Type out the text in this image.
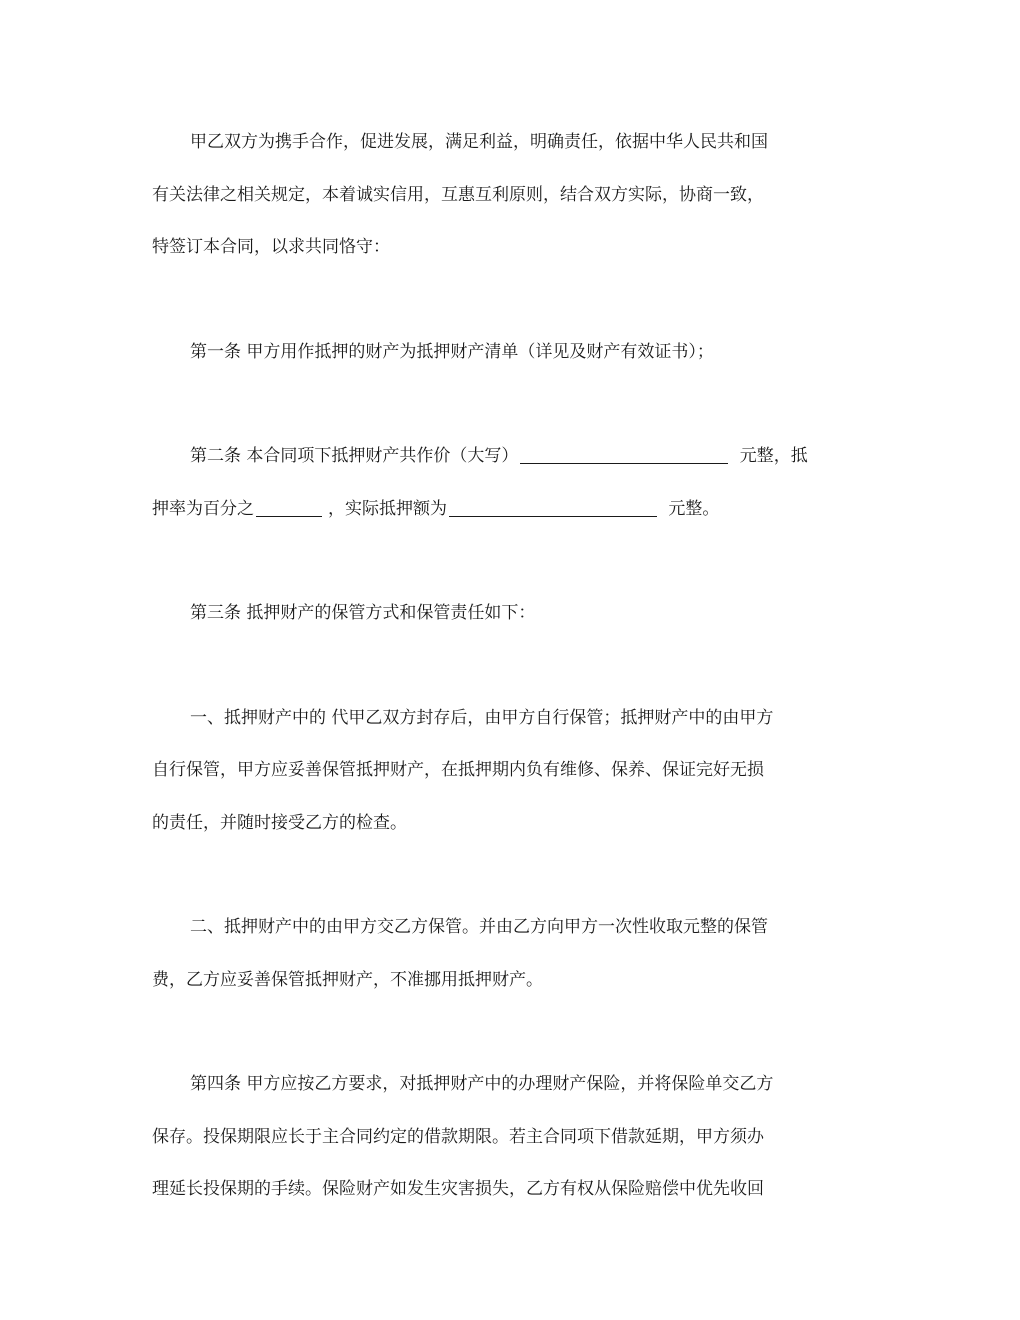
甲乙双方为携手合作，促进发展，满足利益，明确责任，依据中华人民共和国
有关法律之相关规定，本着诚实信用，互惠互利原则，结合双方实际，协商一致，
特签订本合同，以求共同恪守：
第一条 甲方用作抵押的财产为抵押财产清单（详见及财产有效证书）；
第二条 本合同项下抵押财产共作价（大写）	元整，抵
押率为百分之	，实际抵押额为	元整。
第三条 抵押财产的保管方式和保管责任如下：
一、抵押财产中的 代甲乙双方封存后，由甲方自行保管；抵押财产中的由甲方
自行保管，甲方应妥善保管抵押财产，在抵押期内负有维修、保养、保证完好无损
的责任，并随时接受乙方的检查。
二、抵押财产中的由甲方交乙方保管。并由乙方向甲方一次性收取元整的保管
费，乙方应妥善保管抵押财产，不准挪用抵押财产。
第四条 甲方应按乙方要求，对抵押财产中的办理财产保险，并将保险单交乙方
保存。投保期限应长于主合同约定的借款期限。若主合同项下借款延期，甲方须办
理延长投保期的手续。保险财产如发生灾害损失，乙方有权从保险赔偿中优先收回
